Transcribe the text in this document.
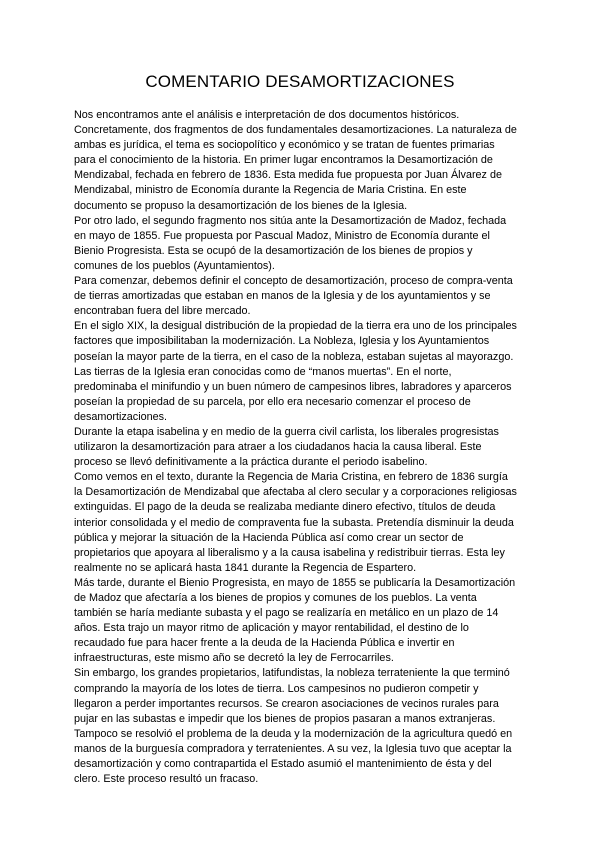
COMENTARIO DESAMORTIZACIONES
Nos encontramos ante el análisis e interpretación de dos documentos históricos.
Concretamente, dos fragmentos de dos fundamentales desamortizaciones. La naturaleza de
ambas es jurídica, el tema es sociopolítico y económico y se tratan de fuentes primarias
para el conocimiento de la historia. En primer lugar encontramos la Desamortización de
Mendizabal, fechada en febrero de 1836. Esta medida fue propuesta por Juan Álvarez de
Mendizabal, ministro de Economía durante la Regencia de Maria Cristina. En este
documento se propuso la desamortización de los bienes de la Iglesia.
Por otro lado, el segundo fragmento nos sitúa ante la Desamortización de Madoz, fechada
en mayo de 1855. Fue propuesta por Pascual Madoz, Ministro de Economía durante el
Bienio Progresista. Esta se ocupó de la desamortización de los bienes de propios y
comunes de los pueblos (Ayuntamientos).
Para comenzar, debemos definir el concepto de desamortización, proceso de compra-venta
de tierras amortizadas que estaban en manos de la Iglesia y de los ayuntamientos y se
encontraban fuera del libre mercado.
En el siglo XIX, la desigual distribución de la propiedad de la tierra era uno de los principales
factores que imposibilitaban la modernización. La Nobleza, Iglesia y los Ayuntamientos
poseían la mayor parte de la tierra, en el caso de la nobleza, estaban sujetas al mayorazgo.
Las tierras de la Iglesia eran conocidas como de “manos muertas”. En el norte,
predominaba el minifundio y un buen número de campesinos libres, labradores y aparceros
poseían la propiedad de su parcela, por ello era necesario comenzar el proceso de
desamortizaciones.
Durante la etapa isabelina y en medio de la guerra civil carlista, los liberales progresistas
utilizaron la desamortización para atraer a los ciudadanos hacia la causa liberal. Este
proceso se llevó definitivamente a la práctica durante el periodo isabelino.
Como vemos en el texto, durante la Regencia de Maria Cristina, en febrero de 1836 surgía
la Desamortización de Mendizabal que afectaba al clero secular y a corporaciones religiosas
extinguidas. El pago de la deuda se realizaba mediante dinero efectivo, títulos de deuda
interior consolidada y el medio de compraventa fue la subasta. Pretendía disminuir la deuda
pública y mejorar la situación de la Hacienda Pública así como crear un sector de
propietarios que apoyara al liberalismo y a la causa isabelina y redistribuir tierras. Esta ley
realmente no se aplicará hasta 1841 durante la Regencia de Espartero.
Más tarde, durante el Bienio Progresista, en mayo de 1855 se publicaría la Desamortización
de Madoz que afectaría a los bienes de propios y comunes de los pueblos. La venta
también se haría mediante subasta y el pago se realizaría en metálico en un plazo de 14
años. Esta trajo un mayor ritmo de aplicación y mayor rentabilidad, el destino de lo
recaudado fue para hacer frente a la deuda de la Hacienda Pública e invertir en
infraestructuras, este mismo año se decretó la ley de Ferrocarriles.
Sin embargo, los grandes propietarios, latifundistas, la nobleza terrateniente la que terminó
comprando la mayoría de los lotes de tierra. Los campesinos no pudieron competir y
llegaron a perder importantes recursos. Se crearon asociaciones de vecinos rurales para
pujar en las subastas e impedir que los bienes de propios pasaran a manos extranjeras.
Tampoco se resolvió el problema de la deuda y la modernización de la agricultura quedó en
manos de la burguesía compradora y terratenientes. A su vez, la Iglesia tuvo que aceptar la
desamortización y como contrapartida el Estado asumió el mantenimiento de ésta y del
clero. Este proceso resultó un fracaso.
